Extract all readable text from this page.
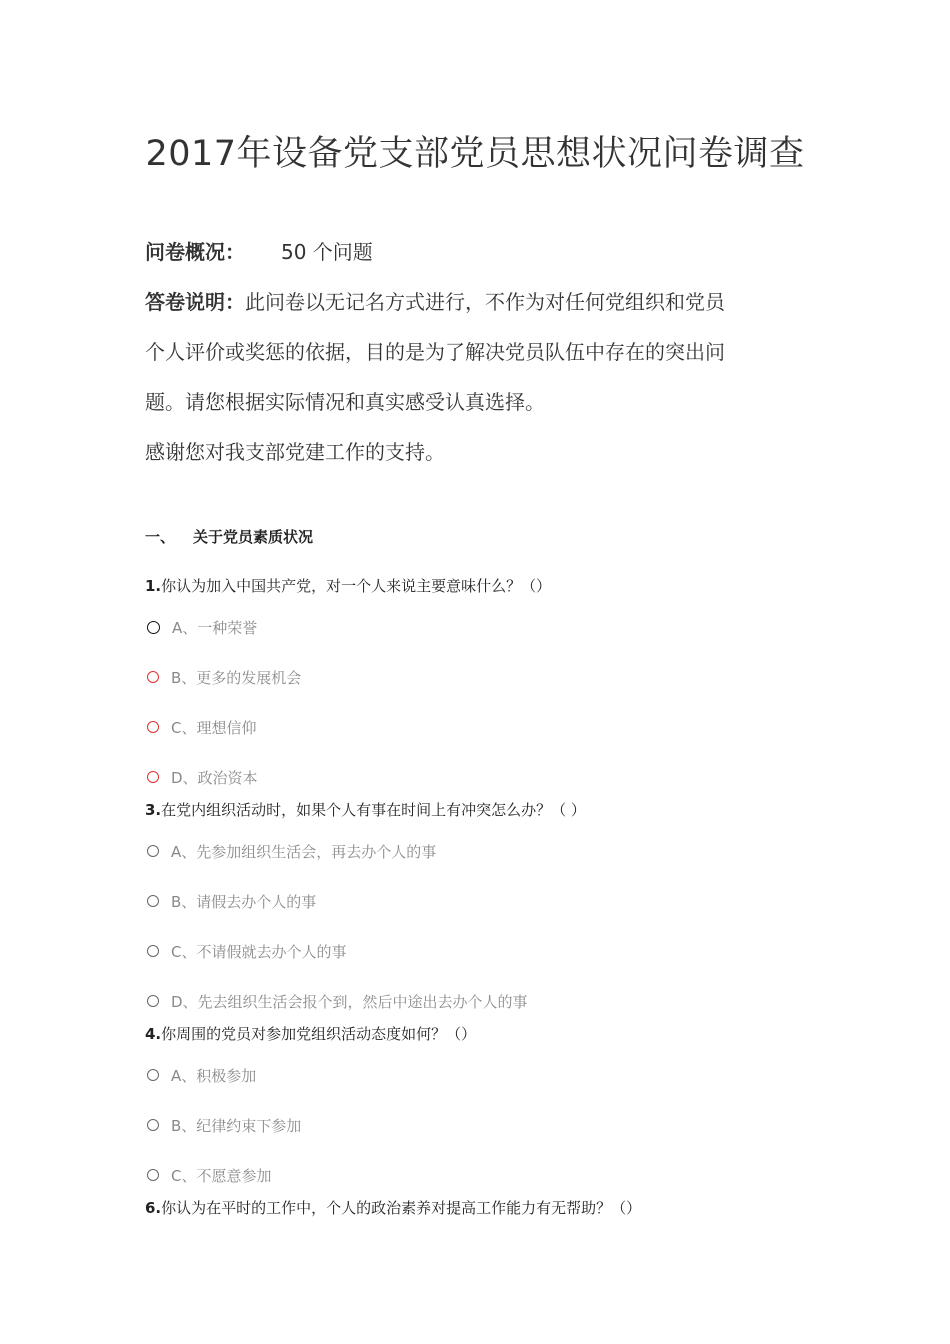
2017年设备党支部党员思想状况问卷调查
问卷概况： 50 个问题
答卷说明：此问卷以无记名方式进行，不作为对任何党组织和党员
个人评价或奖惩的依据，目的是为了解决党员队伍中存在的突出问
题。请您根据实际情况和真实感受认真选择。
感谢您对我支部党建工作的支持。
一、 关于党员素质状况
1.你认为加入中国共产党，对一个人来说主要意味什么？（）
A、一种荣誉
B、更多的发展机会
C、理想信仰
D、政治资本
3.在党内组织活动时，如果个人有事在时间上有冲突怎么办？（ ）
A、先参加组织生活会，再去办个人的事
B、请假去办个人的事
C、不请假就去办个人的事
D、先去组织生活会报个到，然后中途出去办个人的事
4.你周围的党员对参加党组织活动态度如何？（）
A、积极参加
B、纪律约束下参加
C、不愿意参加
6.你认为在平时的工作中，个人的政治素养对提高工作能力有无帮助？（）
